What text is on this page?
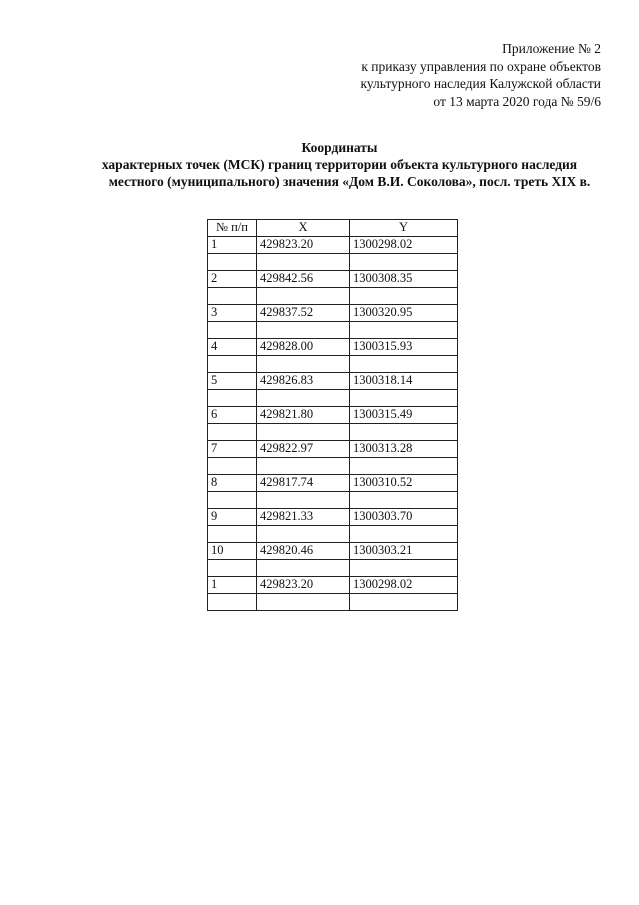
Приложение № 2
к приказу управления по охране объектов
культурного наследия Калужской области
от 13 марта 2020 года № 59/6
Координаты
характерных точек (МСК) границ территории объекта культурного наследия
местного (муниципального) значения «Дом В.И. Соколова», посл. треть XIX в.
№ п/п	X	Y
1	429823.20	1300298.02

2	429842.56	1300308.35

3	429837.52	1300320.95

4	429828.00	1300315.93

5	429826.83	1300318.14

6	429821.80	1300315.49

7	429822.97	1300313.28

8	429817.74	1300310.52

9	429821.33	1300303.70

10	429820.46	1300303.21

1	429823.20	1300298.02
